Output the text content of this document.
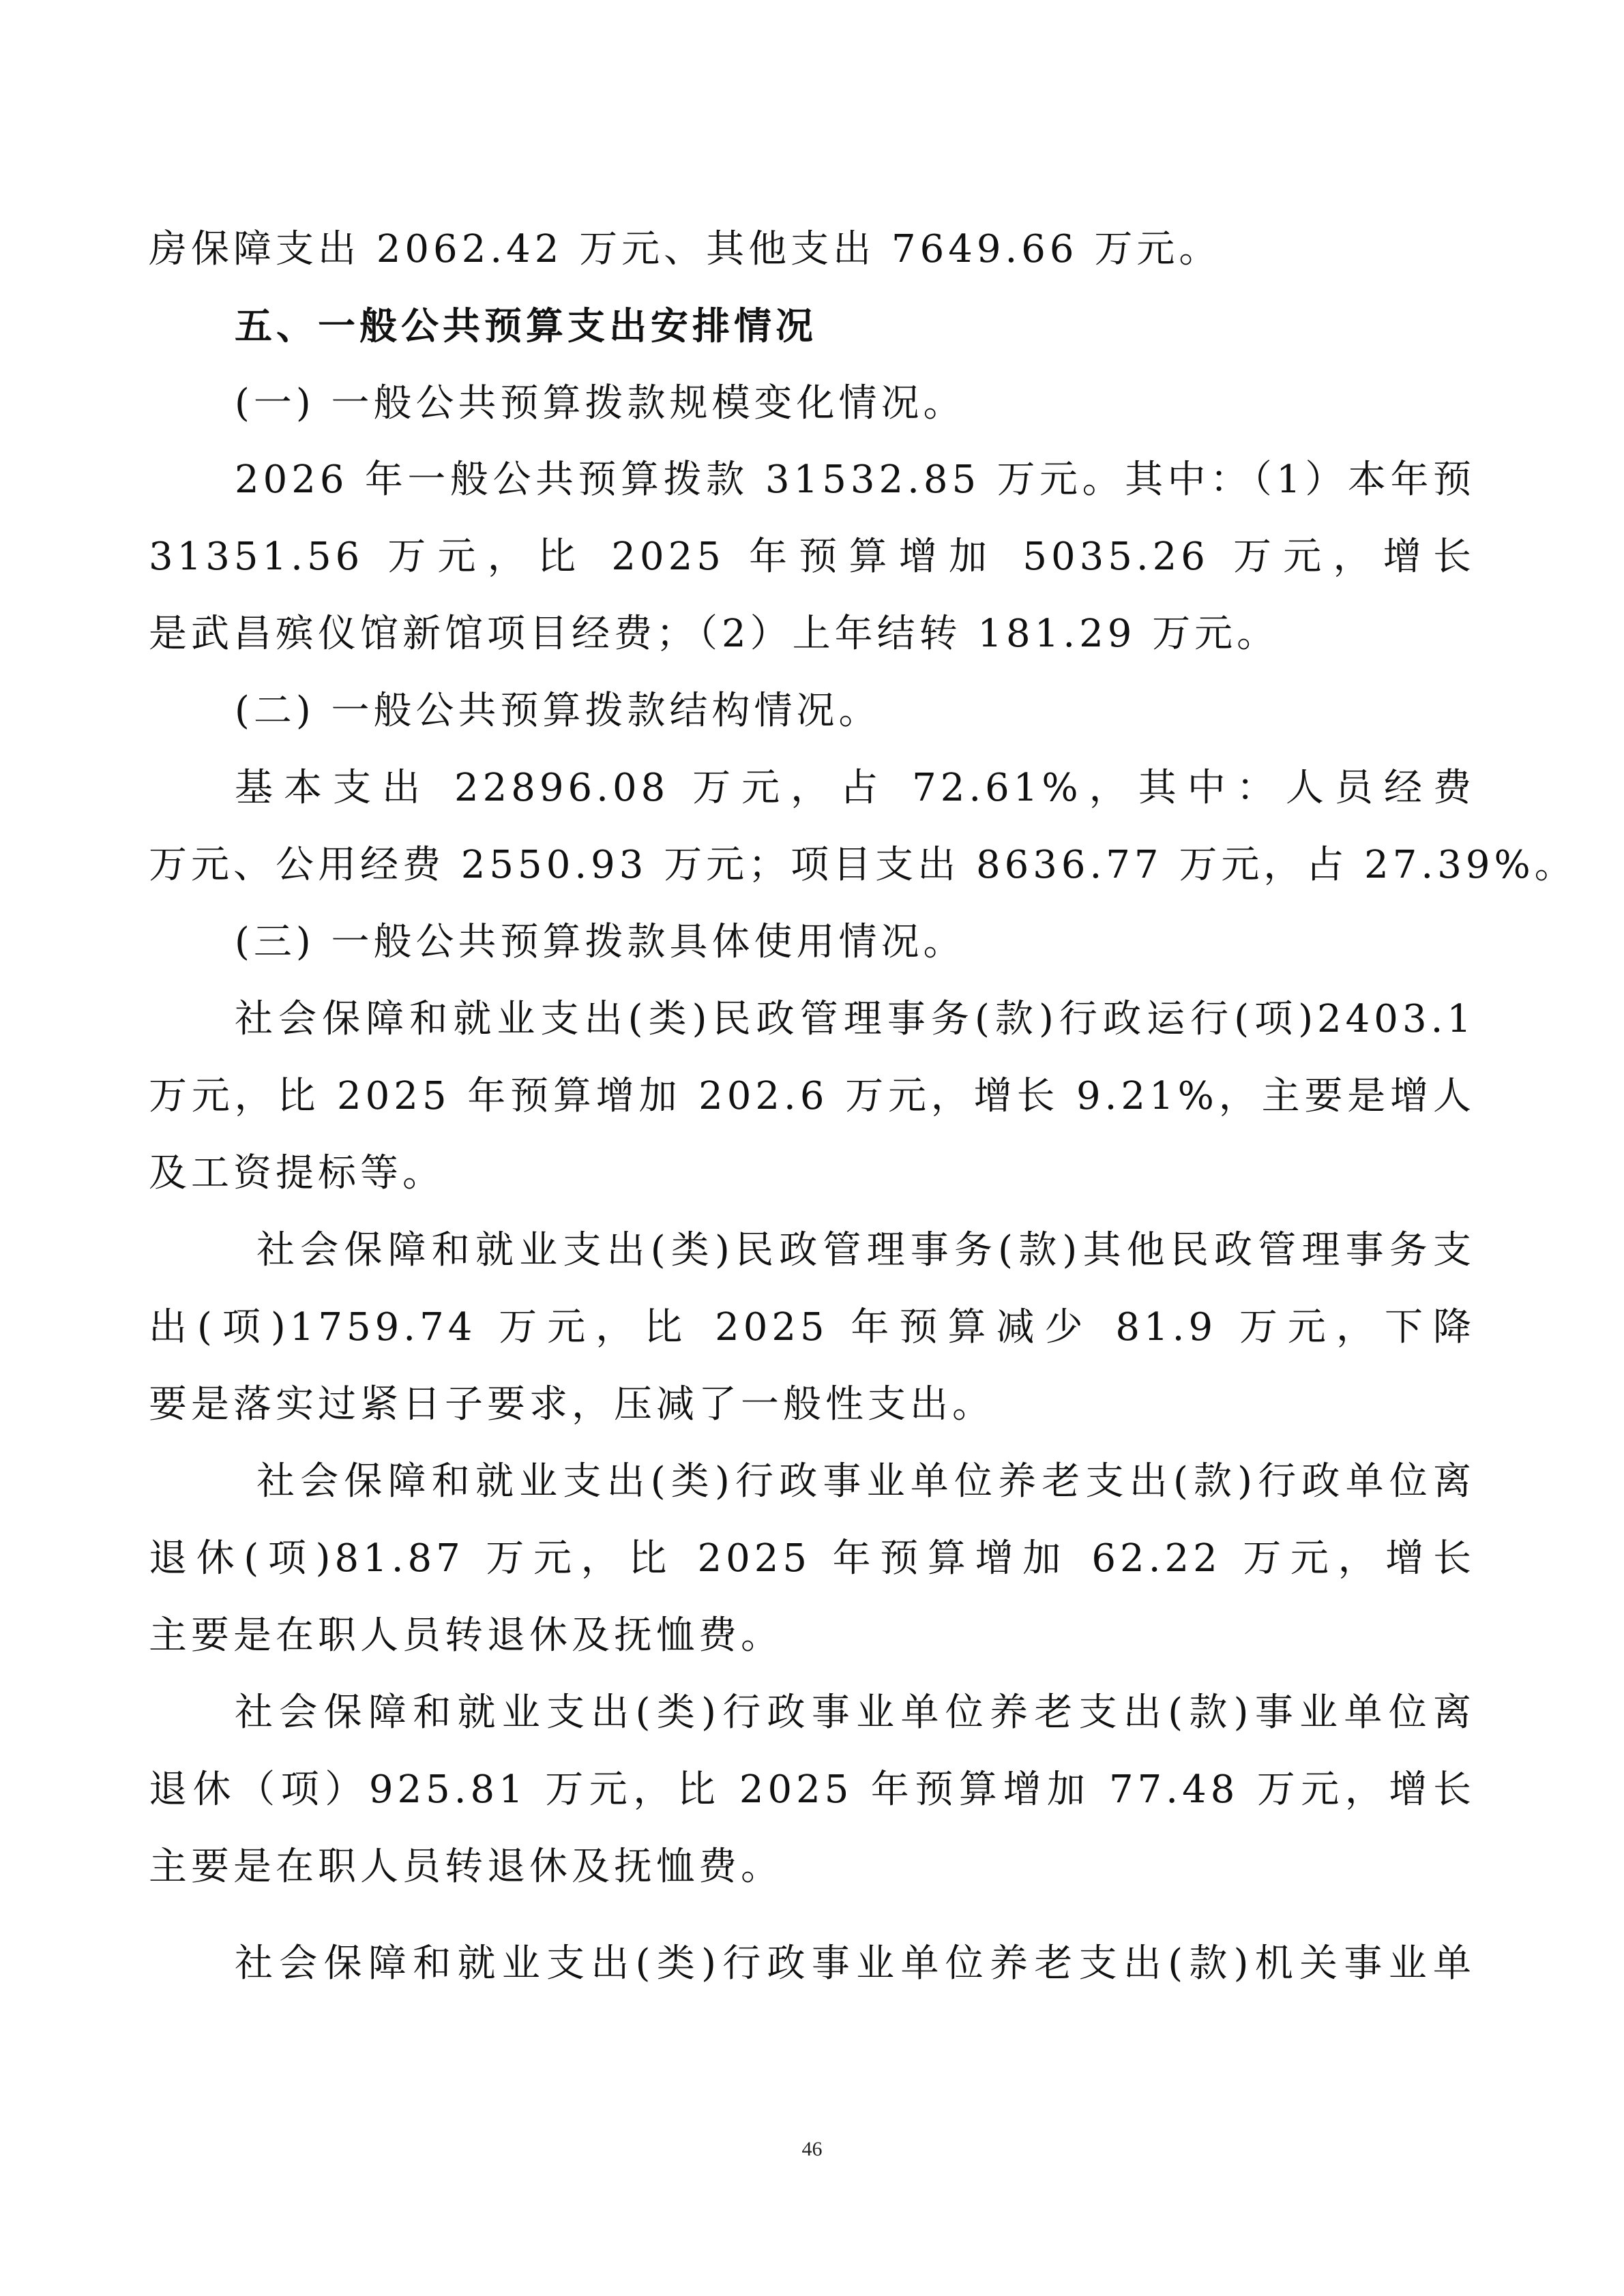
房保障支出 2062.42 万元、其他支出 7649.66 万元。
五、一般公共预算支出安排情况
(一) 一般公共预算拨款规模变化情况。
2026 年一般公共预算拨款 31532.85 万元。其中：（1）本年预
31351.56 万元，比 2025 年预算增加 5035.26 万元，增长
是武昌殡仪馆新馆项目经费；（2）上年结转 181.29 万元。
(二) 一般公共预算拨款结构情况。
基本支出 22896.08 万元，占 72.61%，其中：人员经费
万元、公用经费 2550.93 万元；项目支出 8636.77 万元，占 27.39%。
(三) 一般公共预算拨款具体使用情况。
社会保障和就业支出(类)民政管理事务(款)行政运行(项)2403.1
万元，比 2025 年预算增加 202.6 万元，增长 9.21%，主要是增人
及工资提标等。
社会保障和就业支出(类)民政管理事务(款)其他民政管理事务支
出(项)1759.74 万元，比 2025 年预算减少 81.9 万元，下降
要是落实过紧日子要求，压减了一般性支出。
社会保障和就业支出(类)行政事业单位养老支出(款)行政单位离
退休(项)81.87 万元，比 2025 年预算增加 62.22 万元，增长
主要是在职人员转退休及抚恤费。
社会保障和就业支出(类)行政事业单位养老支出(款)事业单位离
退休（项）925.81 万元，比 2025 年预算增加 77.48 万元，增长
主要是在职人员转退休及抚恤费。
社会保障和就业支出(类)行政事业单位养老支出(款)机关事业单
46
